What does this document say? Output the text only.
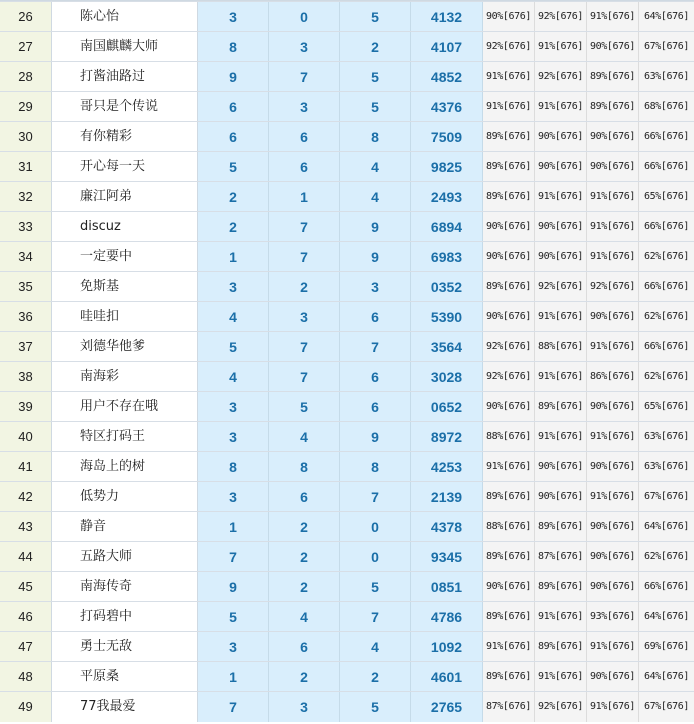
26	陈心怡	3	0	5	4132	90%[676] 92%[676] 91%[676] 64%[676]
27	南国麒麟大师	8	3	2	4107	92%[676] 91%[676] 90%[676] 67%[676]
28	打酱油路过	9	7	5	4852	91%[676] 92%[676] 89%[676] 63%[676]
29	哥只是个传说	6	3	5	4376	91%[676] 91%[676] 89%[676] 68%[676]
30	有你精彩	6	6	8	7509	89%[676] 90%[676] 90%[676] 66%[676]
31	开心每一天	5	6	4	9825	89%[676] 90%[676] 90%[676] 66%[676]
32	廉江阿弟	2	1	4	2493	89%[676] 91%[676] 91%[676] 65%[676]
33	discuz	2	7	9	6894	90%[676] 90%[676] 91%[676] 66%[676]
34	一定要中	1	7	9	6983	90%[676] 90%[676] 91%[676] 62%[676]
35	免斯基	3	2	3	0352	89%[676] 92%[676] 92%[676] 66%[676]
36	哇哇扣	4	3	6	5390	90%[676] 91%[676] 90%[676] 62%[676]
37	刘德华他爹	5	7	7	3564	92%[676] 88%[676] 91%[676] 66%[676]
38	南海彩	4	7	6	3028	92%[676] 91%[676] 86%[676] 62%[676]
39	用户不存在哦	3	5	6	0652	90%[676] 89%[676] 90%[676] 65%[676]
40	特区打码王	3	4	9	8972	88%[676] 91%[676] 91%[676] 63%[676]
41	海岛上的树	8	8	8	4253	91%[676] 90%[676] 90%[676] 63%[676]
42	低势力	3	6	7	2139	89%[676] 90%[676] 91%[676] 67%[676]
43	静音	1	2	0	4378	88%[676] 89%[676] 90%[676] 64%[676]
44	五路大师	7	2	0	9345	89%[676] 87%[676] 90%[676] 62%[676]
45	南海传奇	9	2	5	0851	90%[676] 89%[676] 90%[676] 66%[676]
46	打码碧中	5	4	7	4786	89%[676] 91%[676] 93%[676] 64%[676]
47	勇士无敌	3	6	4	1092	91%[676] 89%[676] 91%[676] 69%[676]
48	平原桑	1	2	2	4601	89%[676] 91%[676] 90%[676] 64%[676]
49	77我最爱	7	3	5	2765	87%[676] 92%[676] 91%[676] 67%[676]
